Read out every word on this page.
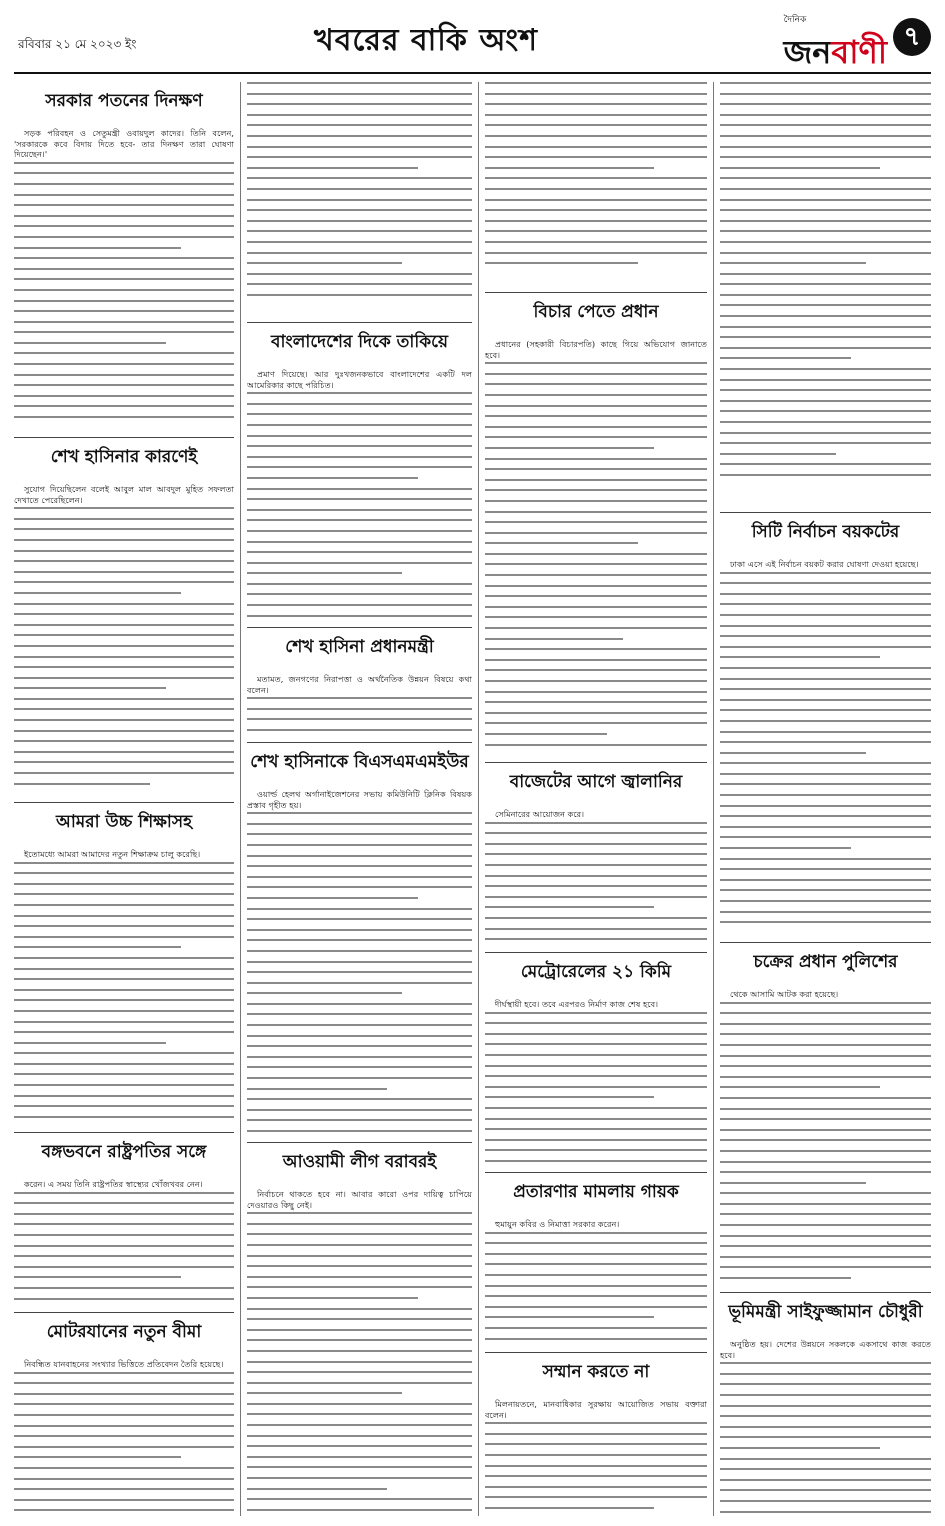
রবিবার ২১ মে ২০২৩ ইং	খবরের বাকি অংশ
দৈনিক
জনবাণী ৭
সরকার পতনের দিনক্ষণ

সড়ক পরিবহন ও সেতুমন্ত্রী ওবায়দুল কাদের। তিনি বলেন, 'সরকারকে কবে বিদায় দিতে হবে- তার দিনক্ষণ তারা ঘোষণা দিয়েছেন।'

শেখ হাসিনার কারণেই

সুযোগ দিয়েছিলেন বলেই আবুল মাল আবদুল মুহিত সফলতা দেখাতে পেরেছিলেন।

আমরা উচ্চ শিক্ষাসহ

ইতোমধ্যে আমরা আমাদের নতুন শিক্ষাক্রম চালু করেছি।

বঙ্গভবনে রাষ্ট্রপতির সঙ্গে

করেন। এ সময় তিনি রাষ্ট্রপতির স্বাস্থ্যের খোঁজখবর নেন।

মোটরযানের নতুন বীমা

নিবন্ধিত যানবাহনের সংখ্যার ভিত্তিতে প্রতিবেদন তৈরি হয়েছে।

বাংলাদেশের দিকে তাকিয়ে

প্রমাণ দিয়েছে। আর দুঃখজনকভাবে বাংলাদেশের একটি দল আমেরিকার কাছে পরিচিত।

শেখ হাসিনা প্রধানমন্ত্রী

মতামত, জনগণের নিরাপত্তা ও অর্থনৈতিক উন্নয়ন বিষয়ে কথা বলেন।

শেখ হাসিনাকে বিএসএমএমইউর

ওয়ার্ল্ড হেলথ অর্গানাইজেশনের সভায় কমিউনিটি ক্লিনিক বিষয়ক প্রস্তাব গৃহীত হয়।

আওয়ামী লীগ বরাবরই

নির্বাচনে থাকতে হবে না। আবার কারো ওপর দায়িত্ব চাপিয়ে দেওয়ারও কিছু নেই।

বিচার পেতে প্রধান

প্রধানের (সহকারী বিচারপতি) কাছে গিয়ে অভিযোগ জানাতে হবে।

বাজেটের আগে জ্বালানির

সেমিনারের আয়োজন করে।

মেট্রোরেলের ২১ কিমি

দীর্ঘস্থায়ী হবে। তবে এরপরও নির্মাণ কাজ শেষ হবে।

প্রতারণার মামলায় গায়ক

হুমায়ুন কবির ও নিমাত্তা সরকার করেন।

সম্মান করতে না

মিলনায়তনে, মানবাধিকার সুরক্ষায় আয়োজিত সভায় বক্তারা বলেন।

সিটি নির্বাচন বয়কটের

ঢাকা এসে এই নির্বাচন বয়কট করার ঘোষণা দেওয়া হয়েছে।

চক্রের প্রধান পুলিশের

থেকে আসামি আটক করা হয়েছে।

ভূমিমন্ত্রী সাইফুজ্জামান চৌধুরী

অনুষ্ঠিত হয়। দেশের উন্নয়নে সকলকে একসাথে কাজ করতে হবে।
